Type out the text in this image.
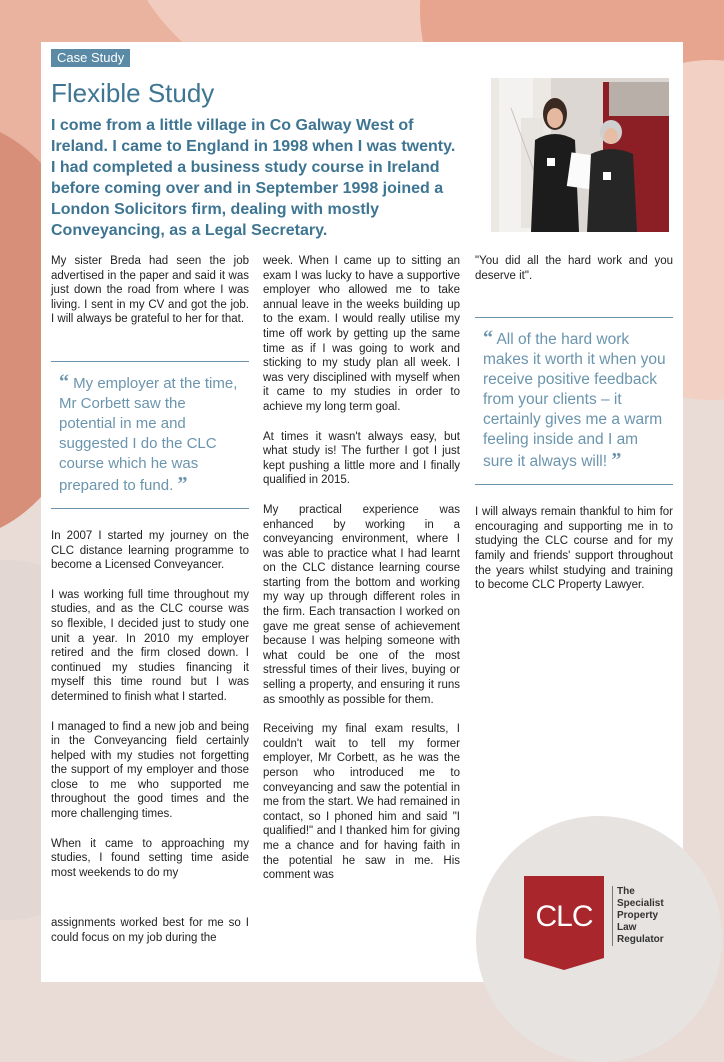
Case Study
Flexible Study

I come from a little village in Co Galway West of Ireland. I came to England in 1998 when I was twenty. I had completed a business study course in Ireland before coming over and in September 1998 joined a London Solicitors firm, dealing with mostly Conveyancing, as a Legal Secretary.

My sister Breda had seen the job advertised in the paper and said it was just down the road from where I was living. I sent in my CV and got the job. I will always be grateful to her for that.

“ My employer at the time, Mr Corbett saw the potential in me and suggested I do the CLC course which he was prepared to fund. ”

In 2007 I started my journey on the CLC distance learning programme to become a Licensed Conveyancer.

I was working full time throughout my studies, and as the CLC course was so flexible, I decided just to study one unit a year. In 2010 my employer retired and the firm closed down. I continued my studies financing it myself this time round but I was determined to finish what I started.

I managed to find a new job and being in the Conveyancing field certainly helped with my studies not forgetting the support of my employer and those close to me who supported me throughout the good times and the more challenging times.

When it came to approaching my studies, I found setting time aside most weekends to do my

assignments worked best for me so I could focus on my job during the

week. When I came up to sitting an exam I was lucky to have a supportive employer who allowed me to take annual leave in the weeks building up to the exam. I would really utilise my time off work by getting up the same time as if I was going to work and sticking to my study plan all week. I was very disciplined with myself when it came to my studies in order to achieve my long term goal.

At times it wasn't always easy, but what study is! The further I got I just kept pushing a little more and I finally qualified in 2015.

My practical experience was enhanced by working in a conveyancing environment, where I was able to practice what I had learnt on the CLC distance learning course starting from the bottom and working my way up through different roles in the firm. Each transaction I worked on gave me great sense of achievement because I was helping someone with what could be one of the most stressful times of their lives, buying or selling a property, and ensuring it runs as smoothly as possible for them.

Receiving my final exam results, I couldn't wait to tell my former employer, Mr Corbett, as he was the person who introduced me to conveyancing and saw the potential in me from the start. We had remained in contact, so I phoned him and said "I qualified!" and I thanked him for giving me a chance and for having faith in the potential he saw in me. His comment was

"You did all the hard work and you deserve it".

“ All of the hard work makes it worth it when you receive positive feedback from your clients – it certainly gives me a warm feeling inside and I am sure it always will! ”

I will always remain thankful to him for encouraging and supporting me in to studying the CLC course and for my family and friends' support throughout the years whilst studying and training to become CLC Property Lawyer.

CLC
The
Specialist
Property
Law
Regulator
